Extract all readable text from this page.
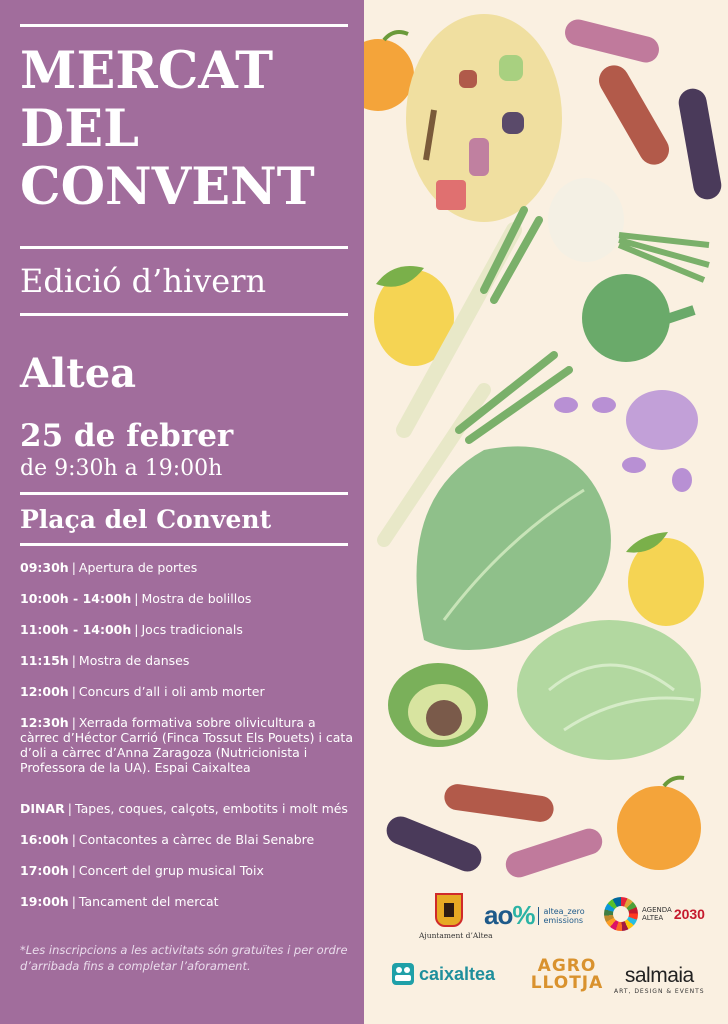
MERCAT
DEL
CONVENT
Edició d’hivern
Altea
25 de febrer
de 9:30h a 19:00h
Plaça del Convent
09:30h | Apertura de portes
10:00h - 14:00h | Mostra de bolillos
11:00h - 14:00h | Jocs tradicionals
11:15h | Mostra de danses
12:00h | Concurs d’all i oli amb morter
12:30h | Xerrada formativa sobre olivicultura a
càrrec d’Héctor Carrió (Finca Tossut Els Pouets) i cata
d’oli a càrrec d’Anna Zaragoza (Nutricionista i
Professora de la UA). Espai Caixaltea
DINAR | Tapes, coques, calçots, embotits i molt més
16:00h | Contacontes a càrrec de Blai Senabre
17:00h | Concert del grup musical Toix
19:00h | Tancament del mercat
*Les inscripcions a les activitats són gratuïtes i per ordre d’arribada fins a completar l’aforament.
Ajuntament d’Altea
ao% altea_zero
emissions
AGENDA
ALTEA 2030
caixaltea	AGRO
LLOTJA	salmaia
ART, DESIGN & EVENTS
